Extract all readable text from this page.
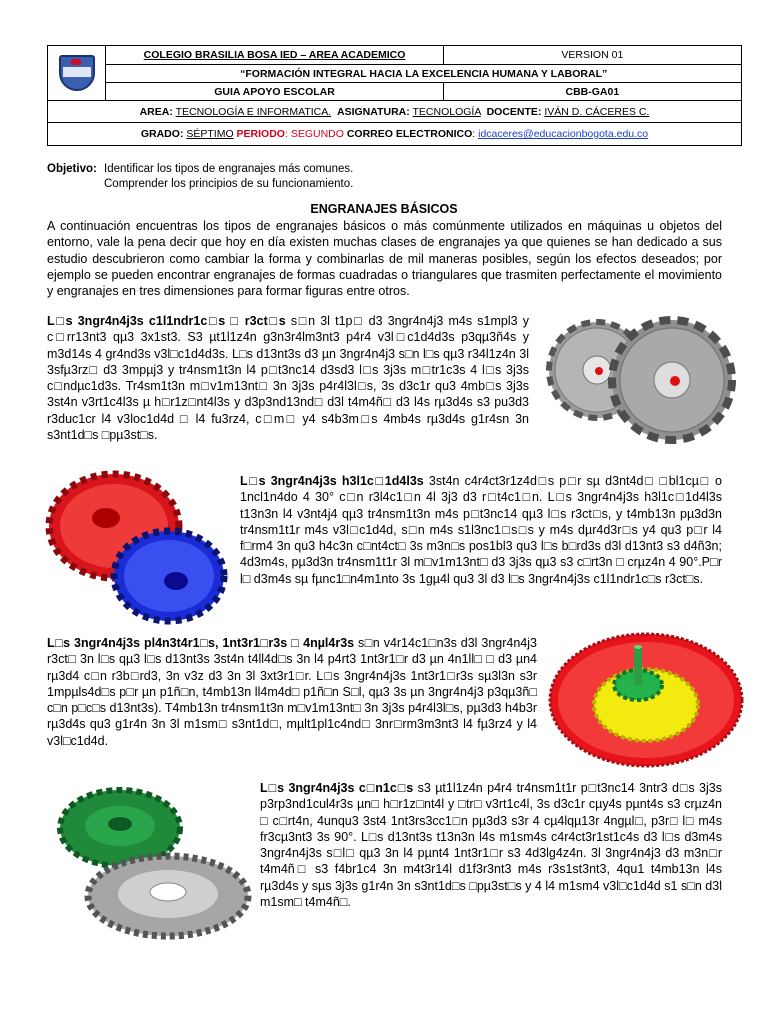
	COLEGIO BRASILIA BOSA IED – AREA ACADEMICO	VERSION 01
	“FORMACIÓN INTEGRAL HACIA LA EXCELENCIA HUMANA Y LABORAL”	
	GUIA APOYO ESCOLAR	CBB-GA01
AREA: TECNOLOGÍA E INFORMATICA. ASIGNATURA: TECNOLOGÍA DOCENTE: IVÁN D. CÁCERES C.		
GRADO: SÉPTIMO PERIODO: SEGUNDO CORREO ELECTRONICO: idcaceres@educacionbogota.edu.co		
Objetivo: Identificar los tipos de engranajes más comunes.
Comprender los principios de su funcionamiento.
ENGRANAJES BÁSICOS
A continuación encuentras los tipos de engranajes básicos o más comúnmente utilizados en máquinas u objetos del entorno, vale la pena decir que hoy en día existen muchas clases de engranajes ya que quienes se han dedicado a sus estudio descubrieron como cambiar la forma y combinarlas de mil maneras posibles, según los efectos deseados; por ejemplo se pueden encontrar engranajes de formas cuadradas o triangulares que trasmiten perfectamente el movimiento y engranajes en tres dimensiones para formar figuras entre otros.
L□s 3ngr4n4j3s c1l1ndr1c□s □ r3ct□s s□n 3l t1p□ d3 3ngr4n4j3 m4s s1mpl3 y c□rr13nt3 qµ3 3x1st3. S3 µt1l1z4n g3n3r4lm3nt3 p4r4 v3l□c1d4d3s p3qµ3ñ4s y m3d14s 4 gr4nd3s v3l□c1d4d3s. L□s d13nt3s d3 µn 3ngr4n4j3 s□n l□s qµ3 r34l1z4n 3l 3sfµ3rz□ d3 3mpµj3 y tr4nsm1t3n l4 p□t3nc14 d3sd3 l□s 3j3s m□tr1c3s 4 l□s 3j3s c□ndµc1d3s. Tr4sm1t3n m□v1m13nt□ 3n 3j3s p4r4l3l□s, 3s d3c1r qu3 4mb□s 3j3s 3st4n v3rt1c4l3s µ h□r1z□nt4l3s y d3p3nd13nd□ d3l t4m4ñ□ d3 l4s rµ3d4s s3 pu3d3 r3duc1cr l4 v3loc1d4d □ l4 fu3rz4, c□m□ y4 s4b3m□s 4mb4s rµ3d4s g1r4sn 3n s3nt1d□s □pµ3st□s.
L□s 3ngr4n4j3s h3l1c□1d4l3s 3st4n c4r4ct3r1z4d□s p□r sµ d3nt4d□ □bl1cµ□ o 1ncl1n4do 4 30° c□n r3l4c1□n 4l 3j3 d3 r□t4c1□n. L□s 3ngr4n4j3s h3l1c□1d4l3s t13n3n l4 v3nt4j4 qµ3 tr4nsm1t3n m4s p□t3nc14 qµ3 l□s r3ct□s, y t4mb13n pµ3d3n tr4nsm1t1r m4s v3l□c1d4d, s□n m4s s1l3nc1□s□s y m4s dµr4d3r□s y4 qu3 p□r l4 f□rm4 3n qu3 h4c3n c□nt4ct□ 3s m3n□s pos1bl3 qu3 l□s b□rd3s d3l d13nt3 s3 d4ñ3n; 4d3m4s, pµ3d3n tr4nsm1t1r 3l m□v1m13nt□ d3 3j3s qµ3 s3 c□rt3n □ crµz4n 4 90°.P□r l□ d3m4s sµ fµnc1□n4m1nto 3s 1gµ4l qu3 3l d3 l□s 3ngr4n4j3s c1l1ndr1c□s r3ct□s.
L□s 3ngr4n4j3s pl4n3t4r1□s, 1nt3r1□r3s □ 4nµl4r3s s□n v4r14c1□n3s d3l 3ngr4n4j3 r3ct□ 3n l□s qµ3 l□s d13nt3s 3st4n t4ll4d□s 3n l4 p4rt3 1nt3r1□r d3 µn 4n1ll□ □ d3 µn4 rµ3d4 c□n r3b□rd3, 3n v3z d3 3n 3l 3xt3r1□r. L□s 3ngr4n4j3s 1nt3r1□r3s sµ3l3n s3r 1mpµls4d□s p□r µn p1ñ□n, t4mb13n ll4m4d□ p1ñ□n S□l, qµ3 3s µn 3ngr4n4j3 p3qµ3ñ□ c□n p□c□s d13nt3s). T4mb13n tr4nsm1t3n m□v1m13nt□ 3n 3j3s p4r4l3l□s, pµ3d3 h4b3r rµ3d4s qu3 g1r4n 3n 3l m1sm□ s3nt1d□, mµlt1pl1c4nd□ 3nr□rm3m3nt3 l4 fµ3rz4 y l4 v3l□c1d4d.
L□s 3ngr4n4j3s c□n1c□s s3 µt1l1z4n p4r4 tr4nsm1t1r p□t3nc14 3ntr3 d□s 3j3s p3rp3nd1cul4r3s µn□ h□r1z□nt4l y □tr□ v3rt1c4l, 3s d3c1r cµy4s pµnt4s s3 crµz4n □ c□rt4n, 4unqu3 3st4 1nt3rs3cc1□n pµ3d3 s3r 4 cµ4lqµ13r 4ngµl□, p3r□ l□ m4s fr3cµ3nt3 3s 90°. L□s d13nt3s t13n3n l4s m1sm4s c4r4ct3r1st1c4s d3 l□s d3m4s 3ngr4n4j3s s□l□ qµ3 3n l4 pµnt4 1nt3r1□r s3 4d3lg4z4n. 3l 3ngr4n4j3 d3 m3n□r t4m4ñ□ s3 f4br1c4 3n m4t3r14l d1f3r3nt3 m4s r3s1st3nt3, 4qu1 t4mb13n l4s rµ3d4s y sµs 3j3s g1r4n 3n s3nt1d□s □pµ3st□s y 4 l4 m1sm4 v3l□c1d4d s1 s□n d3l m1sm□ t4m4ñ□.
